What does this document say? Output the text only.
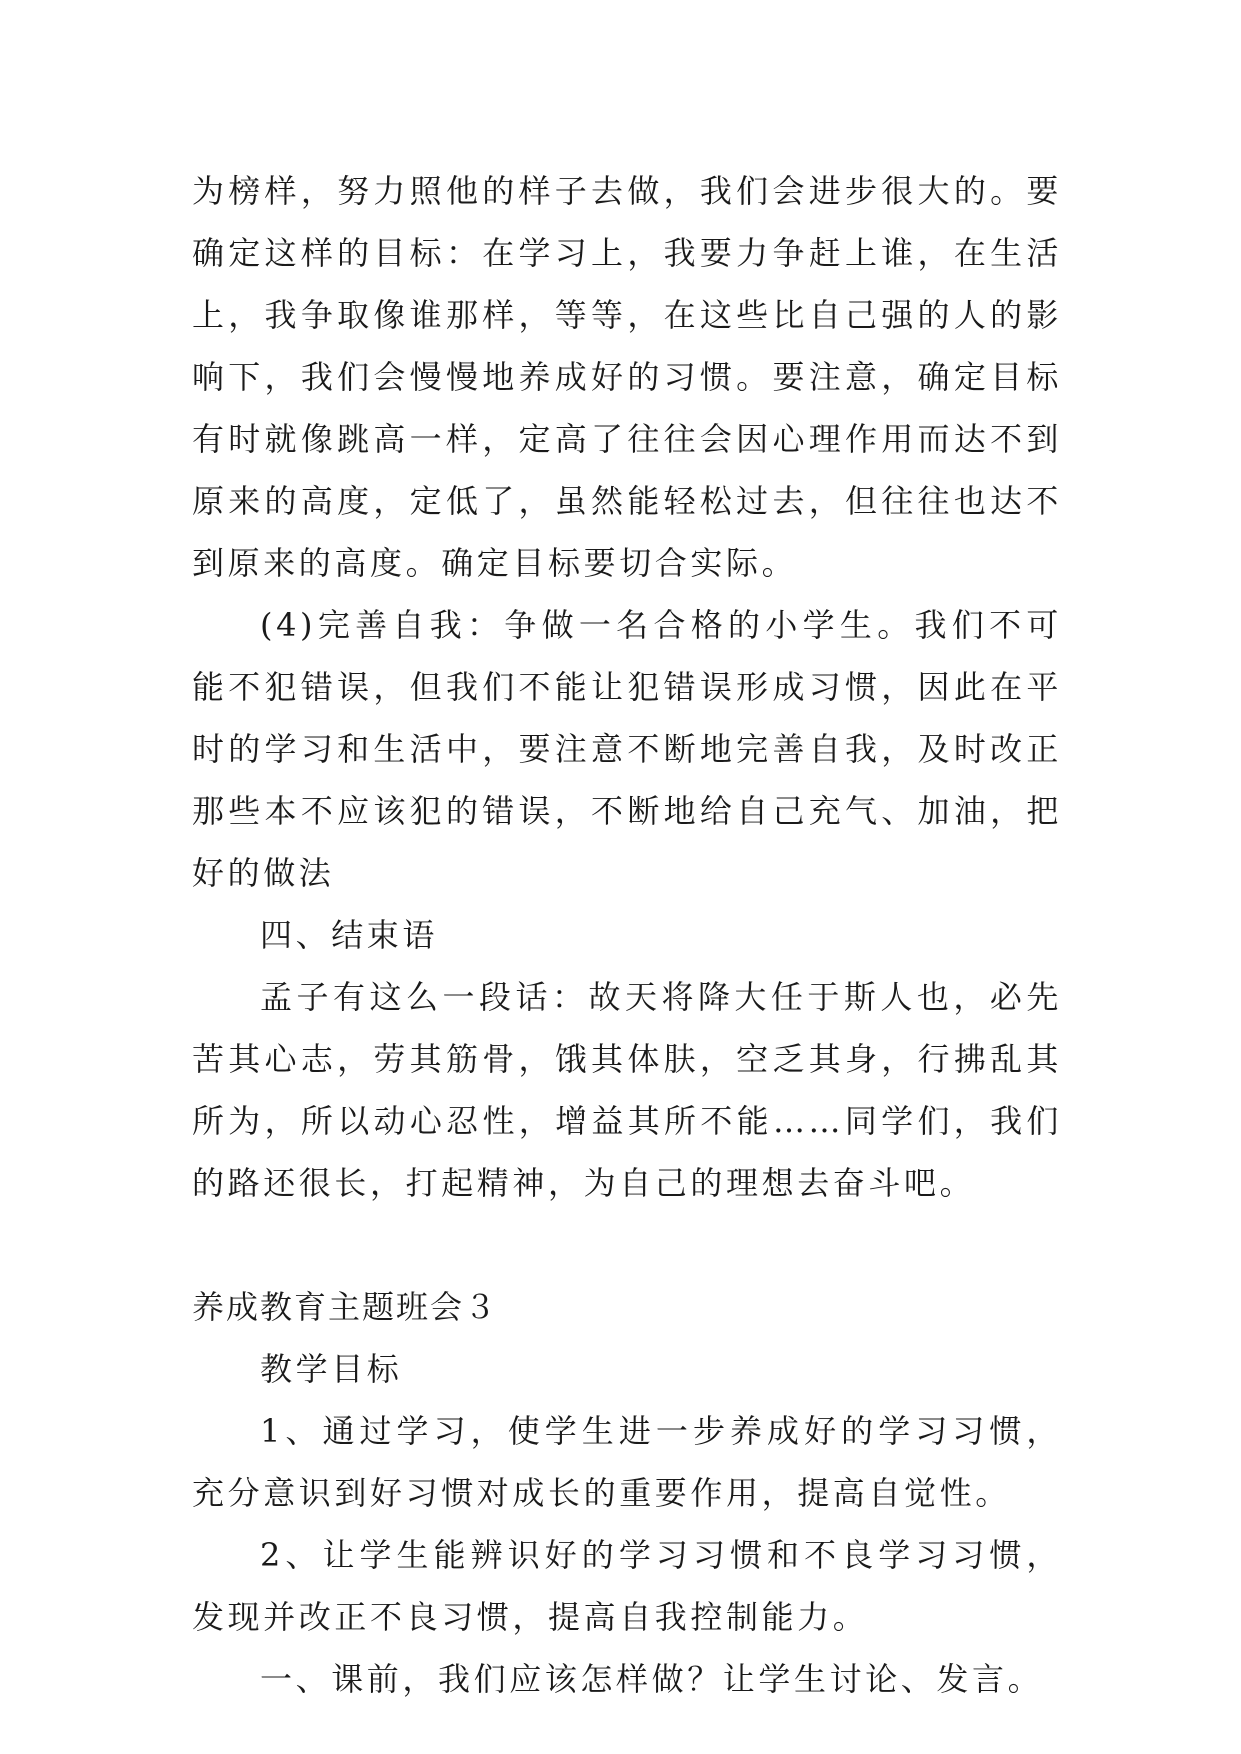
为榜样，努力照他的样子去做，我们会进步很大的。要确定这样的目标：在学习上，我要力争赶上谁，在生活上，我争取像谁那样，等等，在这些比自己强的人的影响下，我们会慢慢地养成好的习惯。要注意，确定目标有时就像跳高一样，定高了往往会因心理作用而达不到原来的高度，定低了，虽然能轻松过去，但往往也达不到原来的高度。确定目标要切合实际。

(4)完善自我：争做一名合格的小学生。我们不可能不犯错误，但我们不能让犯错误形成习惯，因此在平时的学习和生活中，要注意不断地完善自我，及时改正那些本不应该犯的错误，不断地给自己充气、加油，把好的做法

四、结束语

孟子有这么一段话：故天将降大任于斯人也，必先苦其心志，劳其筋骨，饿其体肤，空乏其身，行拂乱其所为，所以动心忍性，增益其所不能……同学们，我们的路还很长，打起精神，为自己的理想去奋斗吧。

养成教育主题班会３

教学目标

1、通过学习，使学生进一步养成好的学习习惯，充分意识到好习惯对成长的重要作用，提高自觉性。

2、让学生能辨识好的学习习惯和不良学习习惯，发现并改正不良习惯，提高自我控制能力。

一、课前，我们应该怎样做？让学生讨论、发言。
